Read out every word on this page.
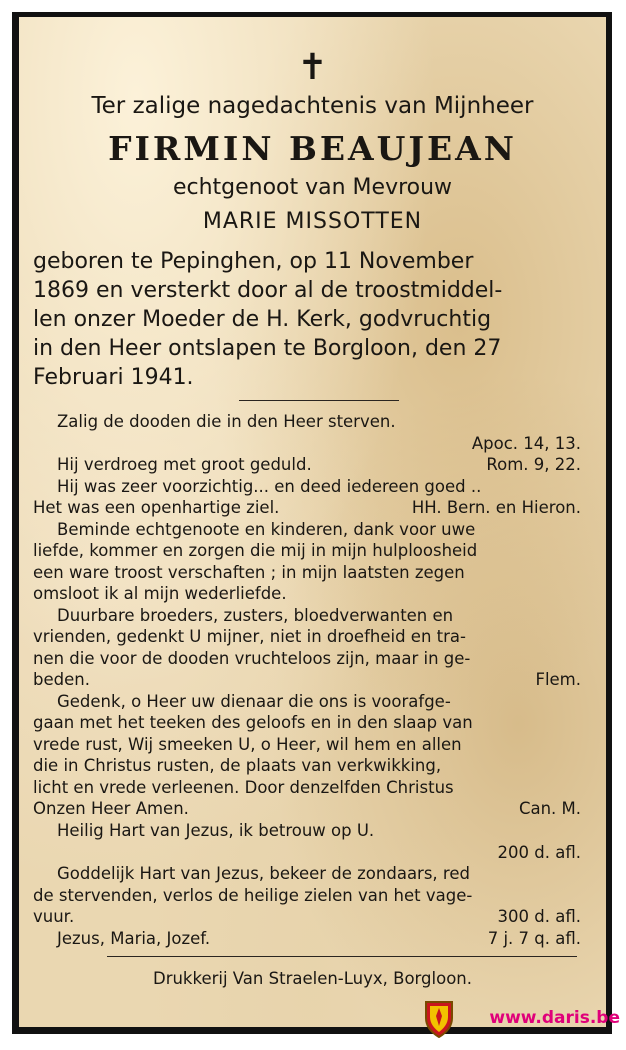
✝
Ter zalige nagedachtenis van Mijnheer
FIRMIN BEAUJEAN
echtgenoot van Mevrouw
MARIE MISSOTTEN
geboren te Pepinghen, op 11 November
1869 en versterkt door al de troostmiddel-
len onzer Moeder de H. Kerk, godvruchtig
in den Heer ontslapen te Borgloon, den 27
Februari 1941.
Zalig de dooden die in den Heer sterven.
Apoc. 14, 13.
Hij verdroeg met groot geduld.	Rom. 9, 22.
Hij was zeer voorzichtig... en deed iedereen goed ..
Het was een openhartige ziel.	HH. Bern. en Hieron.
Beminde echtgenoote en kinderen, dank voor uwe
liefde, kommer en zorgen die mij in mijn hulploosheid
een ware troost verschaften ; in mijn laatsten zegen
omsloot ik al mijn wederliefde.
Duurbare broeders, zusters, bloedverwanten en
vrienden, gedenkt U mijner, niet in droefheid en tra-
nen die voor de dooden vruchteloos zijn, maar in ge-
beden.	Flem.
Gedenk, o Heer uw dienaar die ons is voorafge-
gaan met het teeken des geloofs en in den slaap van
vrede rust, Wij smeeken U, o Heer, wil hem en allen
die in Christus rusten, de plaats van verkwikking,
licht en vrede verleenen. Door denzelfden Christus
Onzen Heer Amen.	Can. M.
Heilig Hart van Jezus, ik betrouw op U.
200 d. afl.
Goddelijk Hart van Jezus, bekeer de zondaars, red
de stervenden, verlos de heilige zielen van het vage-
vuur.	300 d. afl.
Jezus, Maria, Jozef.	7 j. 7 q. afl.
Drukkerij Van Straelen-Luyx, Borgloon.
www.daris.be
